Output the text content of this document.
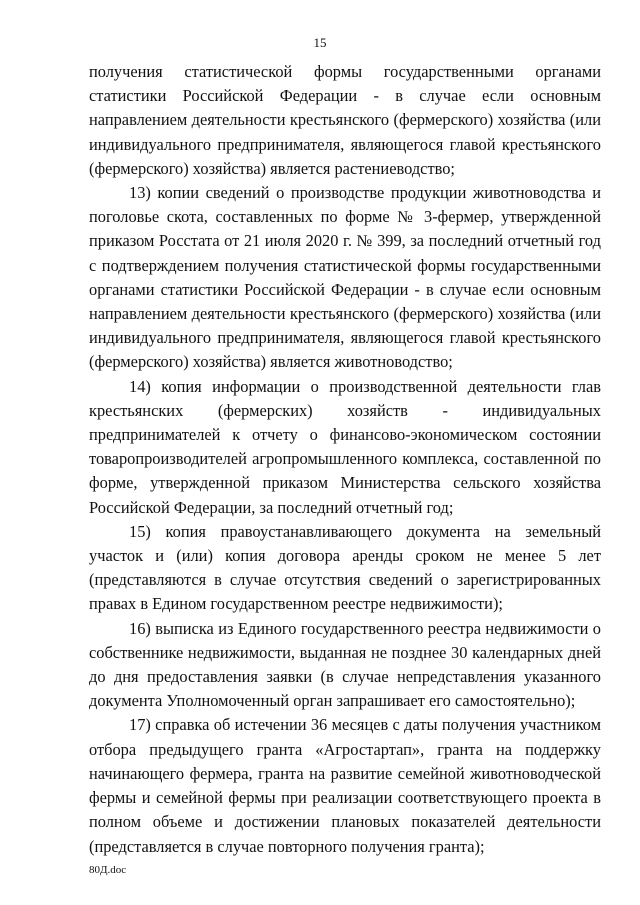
15

получения статистической формы государственными органами статистики Российской Федерации - в случае если основным направлением деятельности крестьянского (фермерского) хозяйства (или индивидуального предпринимателя, являющегося главой крестьянского (фермерского) хозяйства) является растениеводство;

13) копии сведений о производстве продукции животноводства и поголовье скота, составленных по форме № 3-фермер, утвержденной приказом Росстата от 21 июля 2020 г. № 399, за последний отчетный год с подтверждением получения статистической формы государственными органами статистики Российской Федерации - в случае если основным направлением деятельности крестьянского (фермерского) хозяйства (или индивидуального предпринимателя, являющегося главой крестьянского (фермерского) хозяйства) является животноводство;

14) копия информации о производственной деятельности глав крестьянских (фермерских) хозяйств - индивидуальных предпринимателей к отчету о финансово-экономическом состоянии товаропроизводителей агропромышленного комплекса, составленной по форме, утвержденной приказом Министерства сельского хозяйства Российской Федерации, за последний отчетный год;

15) копия правоустанавливающего документа на земельный участок и (или) копия договора аренды сроком не менее 5 лет (представляются в случае отсутствия сведений о зарегистрированных правах в Едином государственном реестре недвижимости);

16) выписка из Единого государственного реестра недвижимости о собственнике недвижимости, выданная не позднее 30 календарных дней до дня предоставления заявки (в случае непредставления указанного документа Уполномоченный орган запрашивает его самостоятельно);

17) справка об истечении 36 месяцев с даты получения участником отбора предыдущего гранта «Агростартап», гранта на поддержку начинающего фермера, гранта на развитие семейной животноводческой фермы и семейной фермы при реализации соответствующего проекта в полном объеме и достижении плановых показателей деятельности (представляется в случае повторного получения гранта);

80Д.doc
